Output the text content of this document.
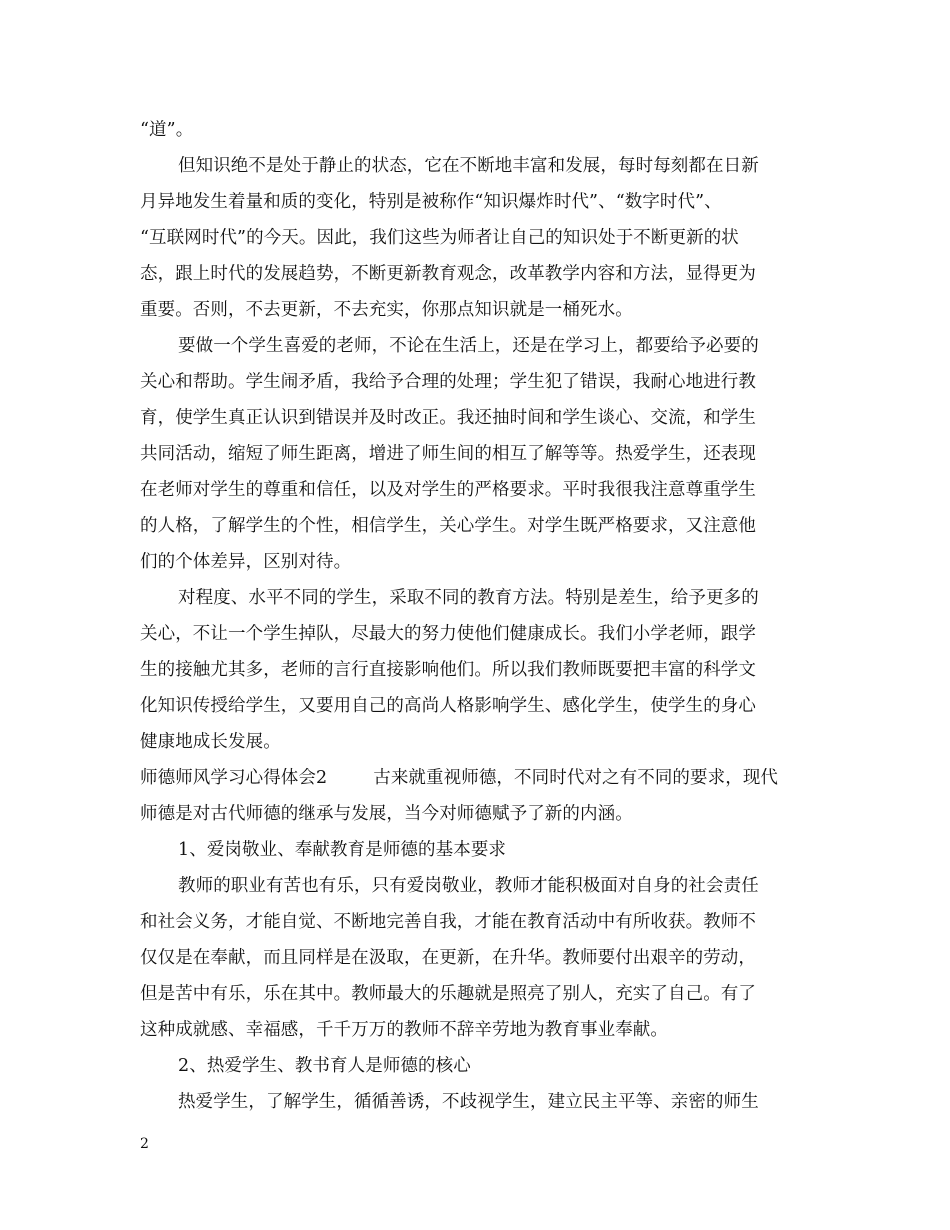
“道”。
但知识绝不是处于静止的状态，它在不断地丰富和发展，每时每刻都在日新
月异地发生着量和质的变化，特别是被称作“知识爆炸时代”、“数字时代”、
“互联网时代”的今天。因此，我们这些为师者让自己的知识处于不断更新的状
态，跟上时代的发展趋势，不断更新教育观念，改革教学内容和方法，显得更为
重要。否则，不去更新，不去充实，你那点知识就是一桶死水。
要做一个学生喜爱的老师，不论在生活上，还是在学习上，都要给予必要的
关心和帮助。学生闹矛盾，我给予合理的处理；学生犯了错误，我耐心地进行教
育，使学生真正认识到错误并及时改正。我还抽时间和学生谈心、交流，和学生
共同活动，缩短了师生距离，增进了师生间的相互了解等等。热爱学生，还表现
在老师对学生的尊重和信任，以及对学生的严格要求。平时我很我注意尊重学生
的人格，了解学生的个性，相信学生，关心学生。对学生既严格要求，又注意他
们的个体差异，区别对待。
对程度、水平不同的学生，采取不同的教育方法。特别是差生，给予更多的
关心，不让一个学生掉队，尽最大的努力使他们健康成长。我们小学老师，跟学
生的接触尤其多，老师的言行直接影响他们。所以我们教师既要把丰富的科学文
化知识传授给学生，又要用自己的高尚人格影响学生、感化学生，使学生的身心
健康地成长发展。
师德师风学习心得体会2	古来就重视师德，不同时代对之有不同的要求，现代
师德是对古代师德的继承与发展，当今对师德赋予了新的内涵。
1、爱岗敬业、奉献教育是师德的基本要求
教师的职业有苦也有乐，只有爱岗敬业，教师才能积极面对自身的社会责任
和社会义务，才能自觉、不断地完善自我，才能在教育活动中有所收获。教师不
仅仅是在奉献，而且同样是在汲取，在更新，在升华。教师要付出艰辛的劳动，
但是苦中有乐，乐在其中。教师最大的乐趣就是照亮了别人，充实了自己。有了
这种成就感、幸福感，千千万万的教师不辞辛劳地为教育事业奉献。
2、热爱学生、教书育人是师德的核心
热爱学生，了解学生，循循善诱，不歧视学生，建立民主平等、亲密的师生
2
